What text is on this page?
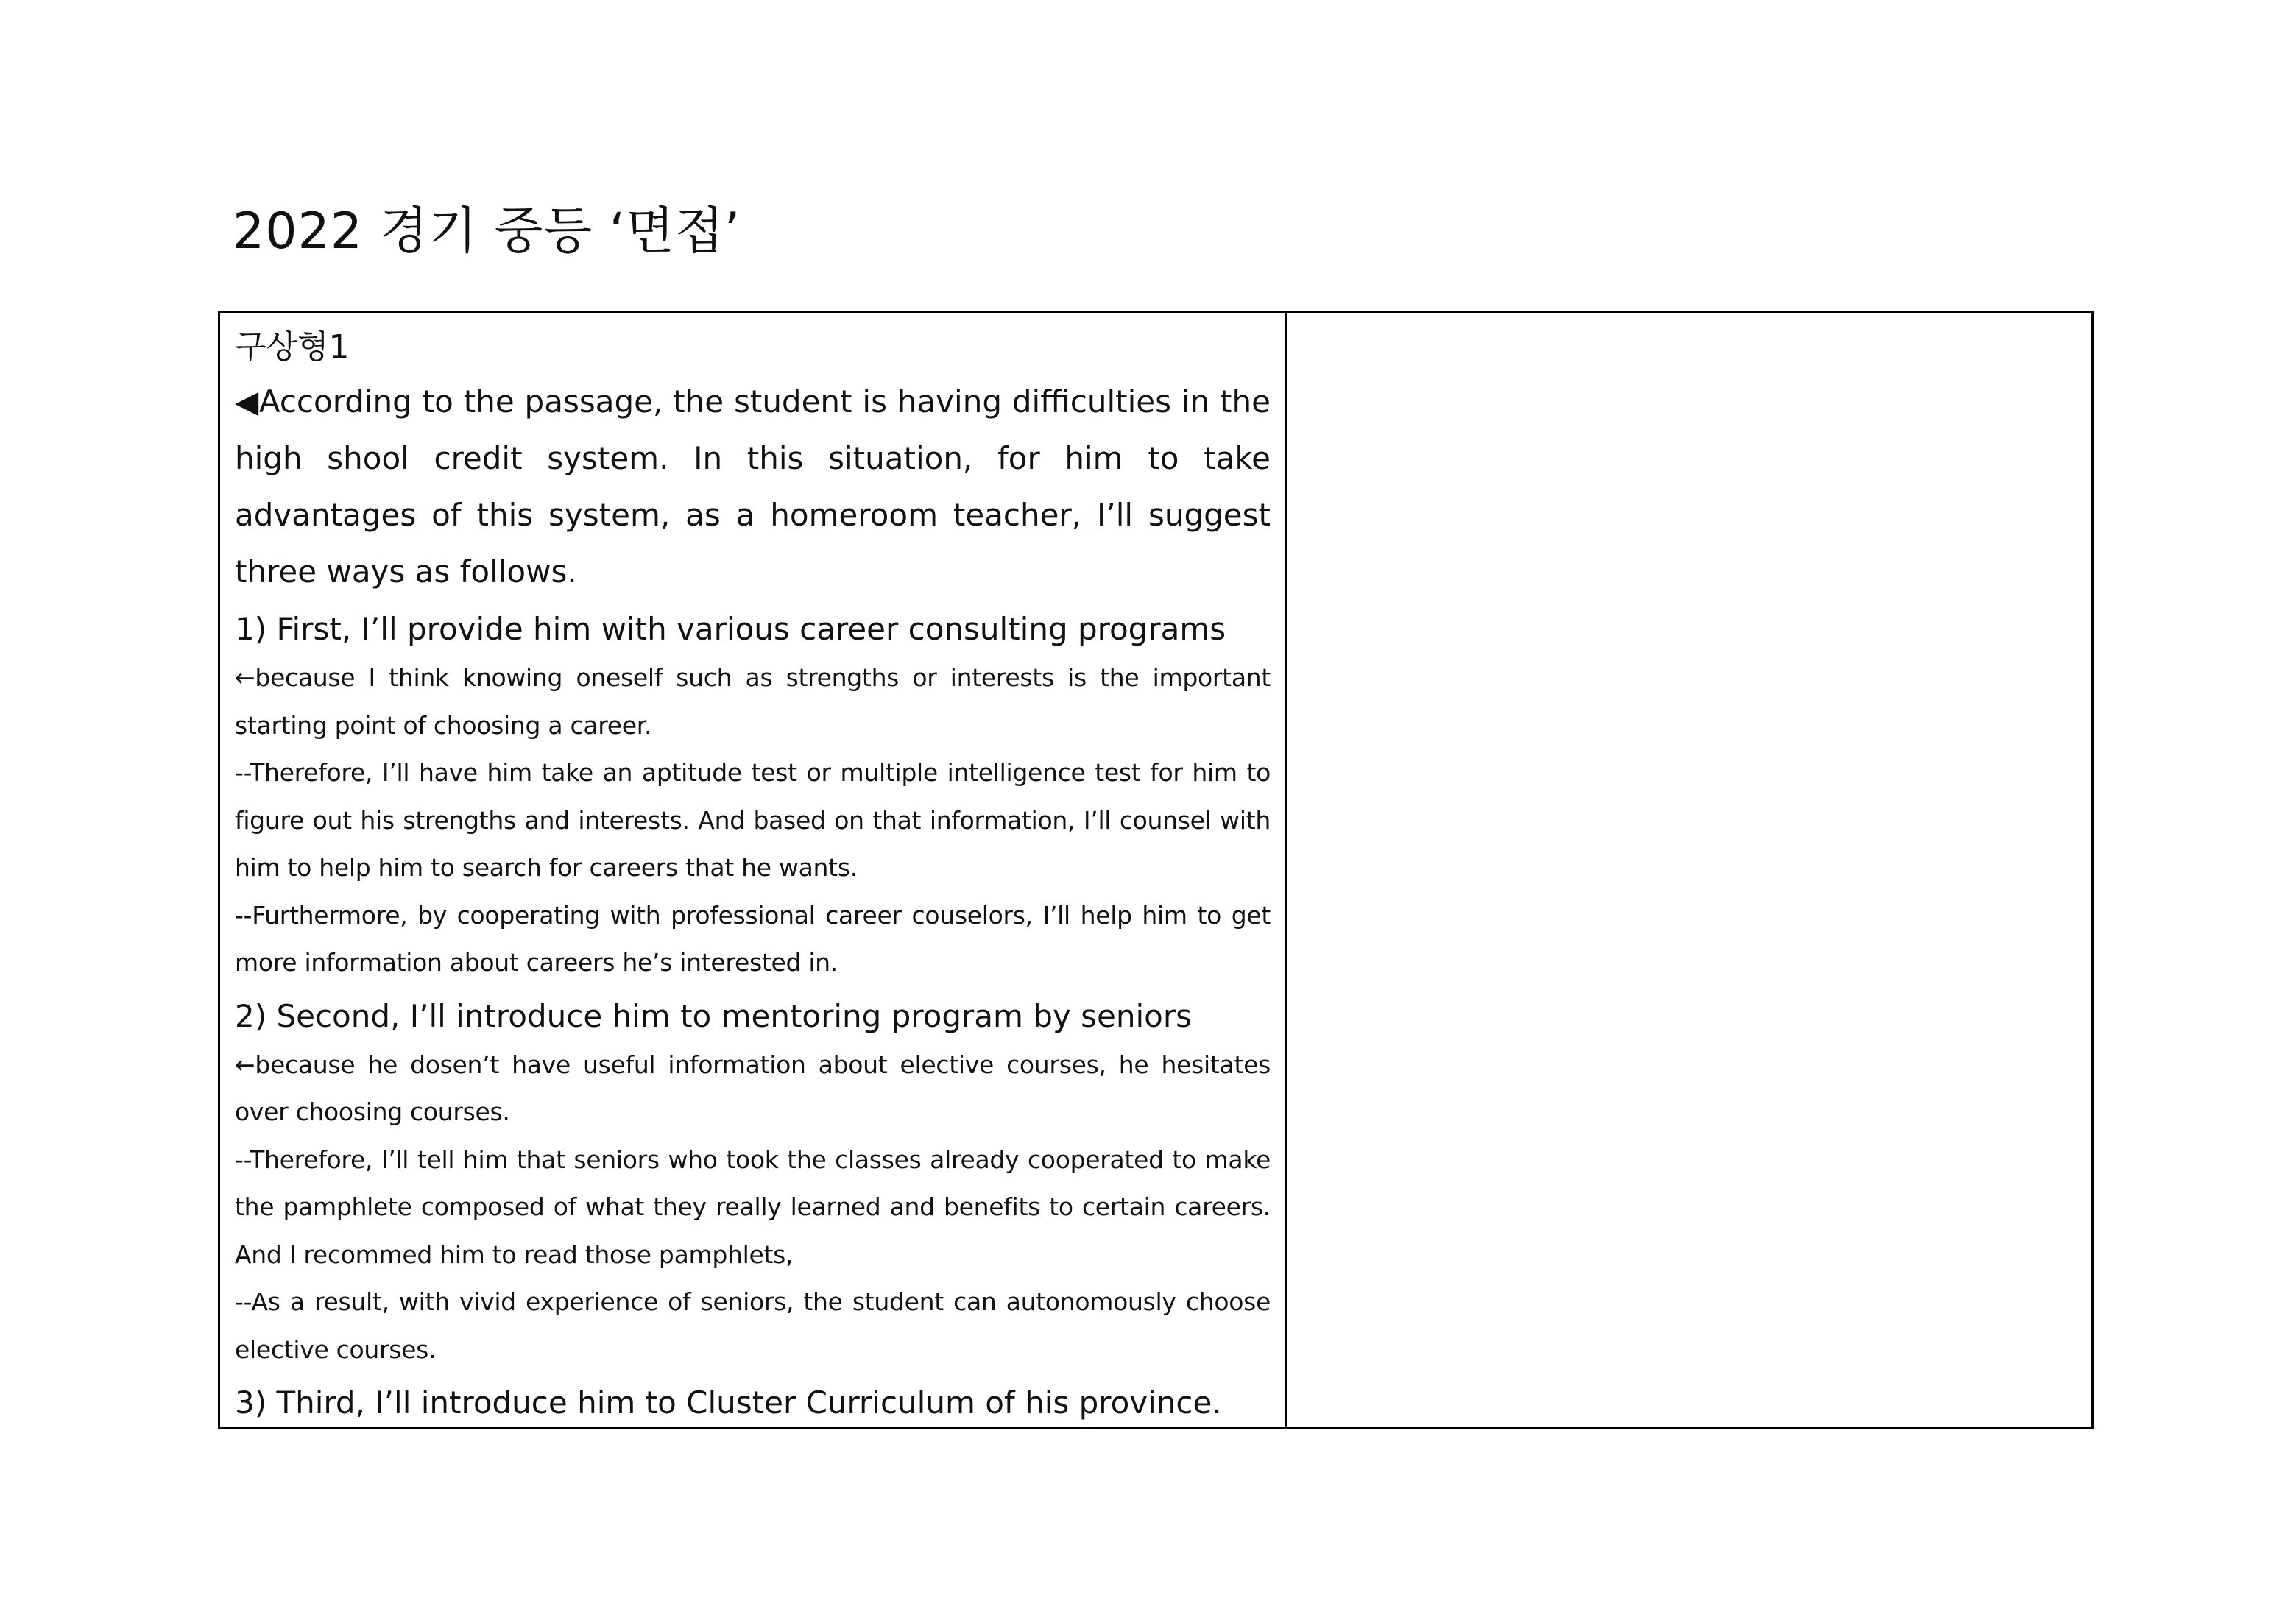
2022 경기 중등 ‘면접’
구상형1

◀According to the passage, the student is having difficulties in the high shool credit system. In this situation, for him to take advantages of this system, as a homeroom teacher, I’ll suggest three ways as follows.

1) First, I’ll provide him with various career consulting programs

←because I think knowing oneself such as strengths or interests is the important starting point of choosing a career.

--Therefore, I’ll have him take an aptitude test or multiple intelligence test for him to figure out his strengths and interests. And based on that information, I’ll counsel with him to help him to search for careers that he wants.

--Furthermore, by cooperating with professional career couselors, I’ll help him to get more information about careers he’s interested in.

2) Second, I’ll introduce him to mentoring program by seniors

←because he dosen’t have useful information about elective courses, he hesitates over choosing courses.

--Therefore, I’ll tell him that seniors who took the classes already cooperated to make the pamphlete composed of what they really learned and benefits to certain careers. And I recommed him to read those pamphlets,

--As a result, with vivid experience of seniors, the student can autonomously choose elective courses.

3) Third, I’ll introduce him to Cluster Curriculum of his province.
